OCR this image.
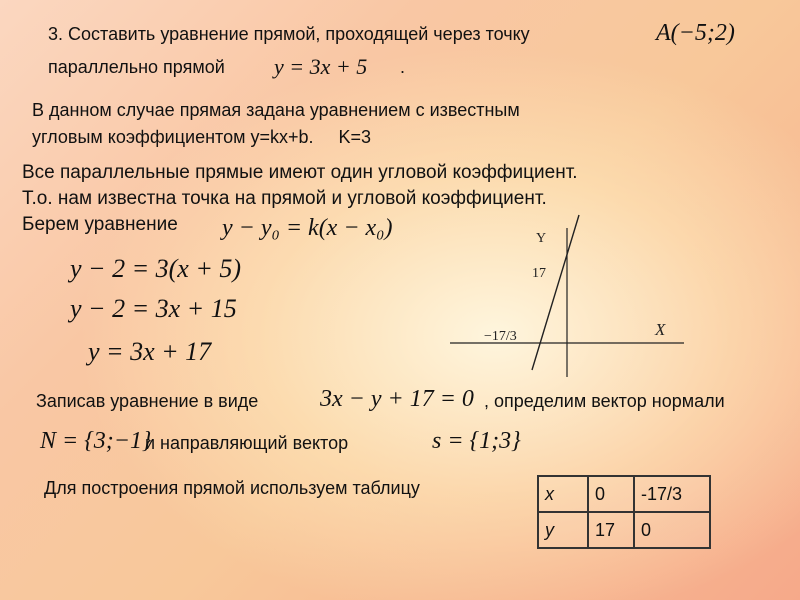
3. Составить уравнение прямой, проходящей через точку	A(−5;2)
параллельно прямой y = 3x + 5 .
В данном случае прямая задана уравнением с известным
угловым коэффициентом y=kx+b.     K=3
Все параллельные прямые имеют один угловой коэффициент.
Т.о. нам известна точка на прямой и угловой коэффициент.
Берем уравнение y − y₀ = k(x − x₀)
y − 2 = 3(x + 5)
y − 2 = 3x + 15
y = 3x + 17
Y
X
17
−17/3
Записав уравнение в виде	3x − y + 17 = 0 , определим вектор нормали
N = {3;−1}
и направляющий вектор	s = {1;3}
Для построения прямой используем таблицу	x	0	-17/3
y	17	0
